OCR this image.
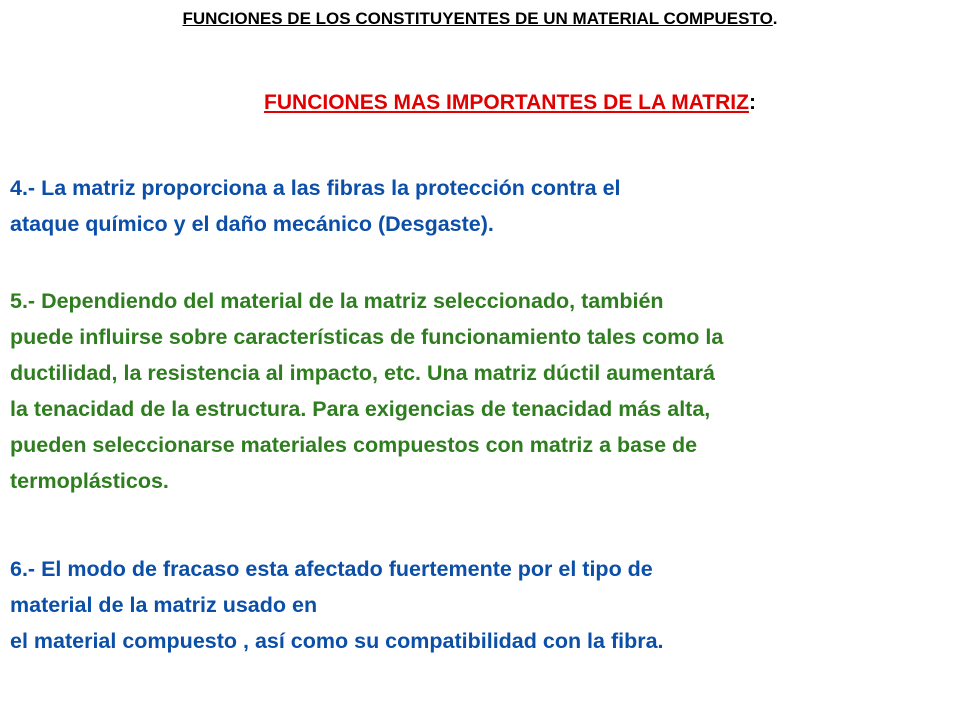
FUNCIONES DE LOS CONSTITUYENTES DE UN MATERIAL COMPUESTO.
FUNCIONES MAS IMPORTANTES DE LA MATRIZ:

4.- La matriz proporciona a las fibras la protección contra el
ataque químico y el daño mecánico (Desgaste).

5.- Dependiendo del material de la matriz seleccionado, también
puede influirse sobre características de funcionamiento tales como la
ductilidad, la resistencia al impacto, etc. Una matriz dúctil aumentará
la tenacidad de la estructura. Para exigencias de tenacidad más alta,
pueden seleccionarse materiales compuestos con matriz a base de
termoplásticos.

6.- El modo de fracaso esta afectado fuertemente por el tipo de
material de la matriz usado en
el material compuesto , así como su compatibilidad con la fibra.
